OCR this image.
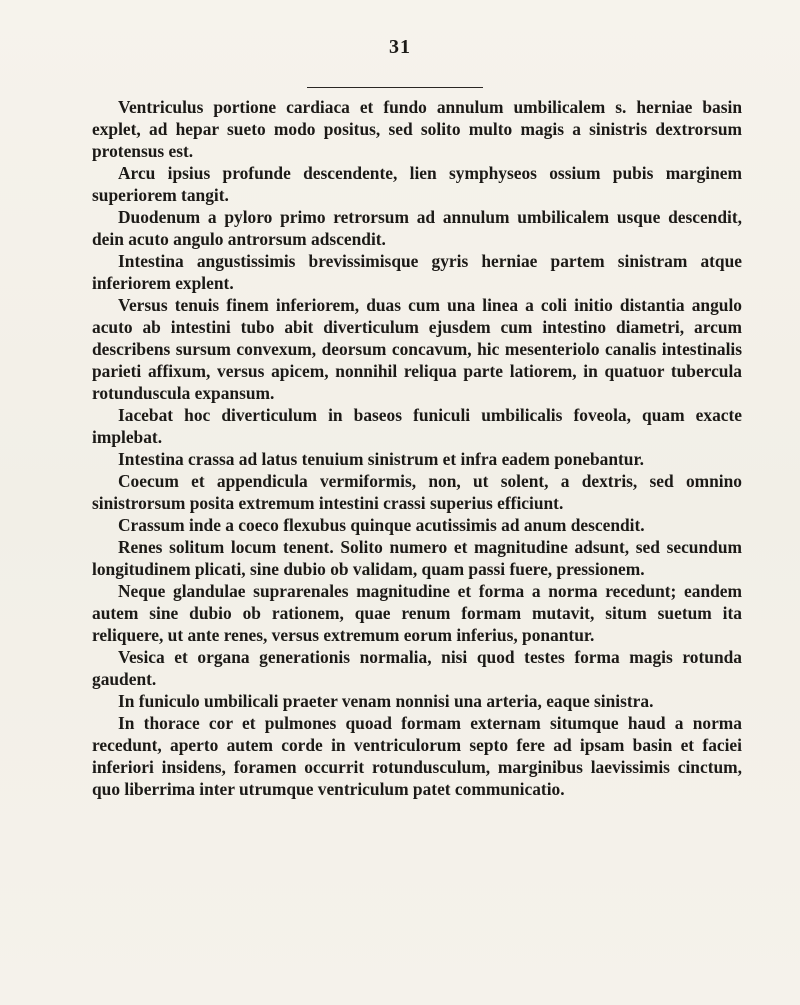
31

Ventriculus portione cardiaca et fundo annulum umbilicalem s. herniae basin explet, ad hepar sueto modo positus, sed solito multo magis a sinistris dextrorsum protensus est.

Arcu ipsius profunde descendente, lien symphyseos ossium pubis marginem superiorem tangit.

Duodenum a pyloro primo retrorsum ad annulum umbilicalem usque descendit, dein acuto angulo antrorsum adscendit.

Intestina angustissimis brevissimisque gyris herniae partem sinistram atque inferiorem explent.

Versus tenuis finem inferiorem, duas cum una linea a coli initio distantia angulo acuto ab intestini tubo abit diverticulum ejusdem cum intestino diametri, arcum describens sursum convexum, deorsum concavum, hic mesenteriolo canalis intestinalis parieti affixum, versus apicem, nonnihil reliqua parte latiorem, in quatuor tubercula rotunduscula expansum.

Iacebat hoc diverticulum in baseos funiculi umbilicalis foveola, quam exacte implebat.

Intestina crassa ad latus tenuium sinistrum et infra eadem ponebantur.

Coecum et appendicula vermiformis, non, ut solent, a dextris, sed omnino sinistrorsum posita extremum intestini crassi superius efficiunt.

Crassum inde a coeco flexubus quinque acutissimis ad anum descendit.

Renes solitum locum tenent. Solito numero et magnitudine adsunt, sed secundum longitudinem plicati, sine dubio ob validam, quam passi fuere, pressionem.

Neque glandulae suprarenales magnitudine et forma a norma recedunt; eandem autem sine dubio ob rationem, quae renum formam mutavit, situm suetum ita reliquere, ut ante renes, versus extremum eorum inferius, ponantur.

Vesica et organa generationis normalia, nisi quod testes forma magis rotunda gaudent.

In funiculo umbilicali praeter venam nonnisi una arteria, eaque sinistra.

In thorace cor et pulmones quoad formam externam situmque haud a norma recedunt, aperto autem corde in ventriculorum septo fere ad ipsam basin et faciei inferiori insidens, foramen occurrit rotundusculum, marginibus laevissimis cinctum, quo liberrima inter utrumque ventriculum patet communicatio.
